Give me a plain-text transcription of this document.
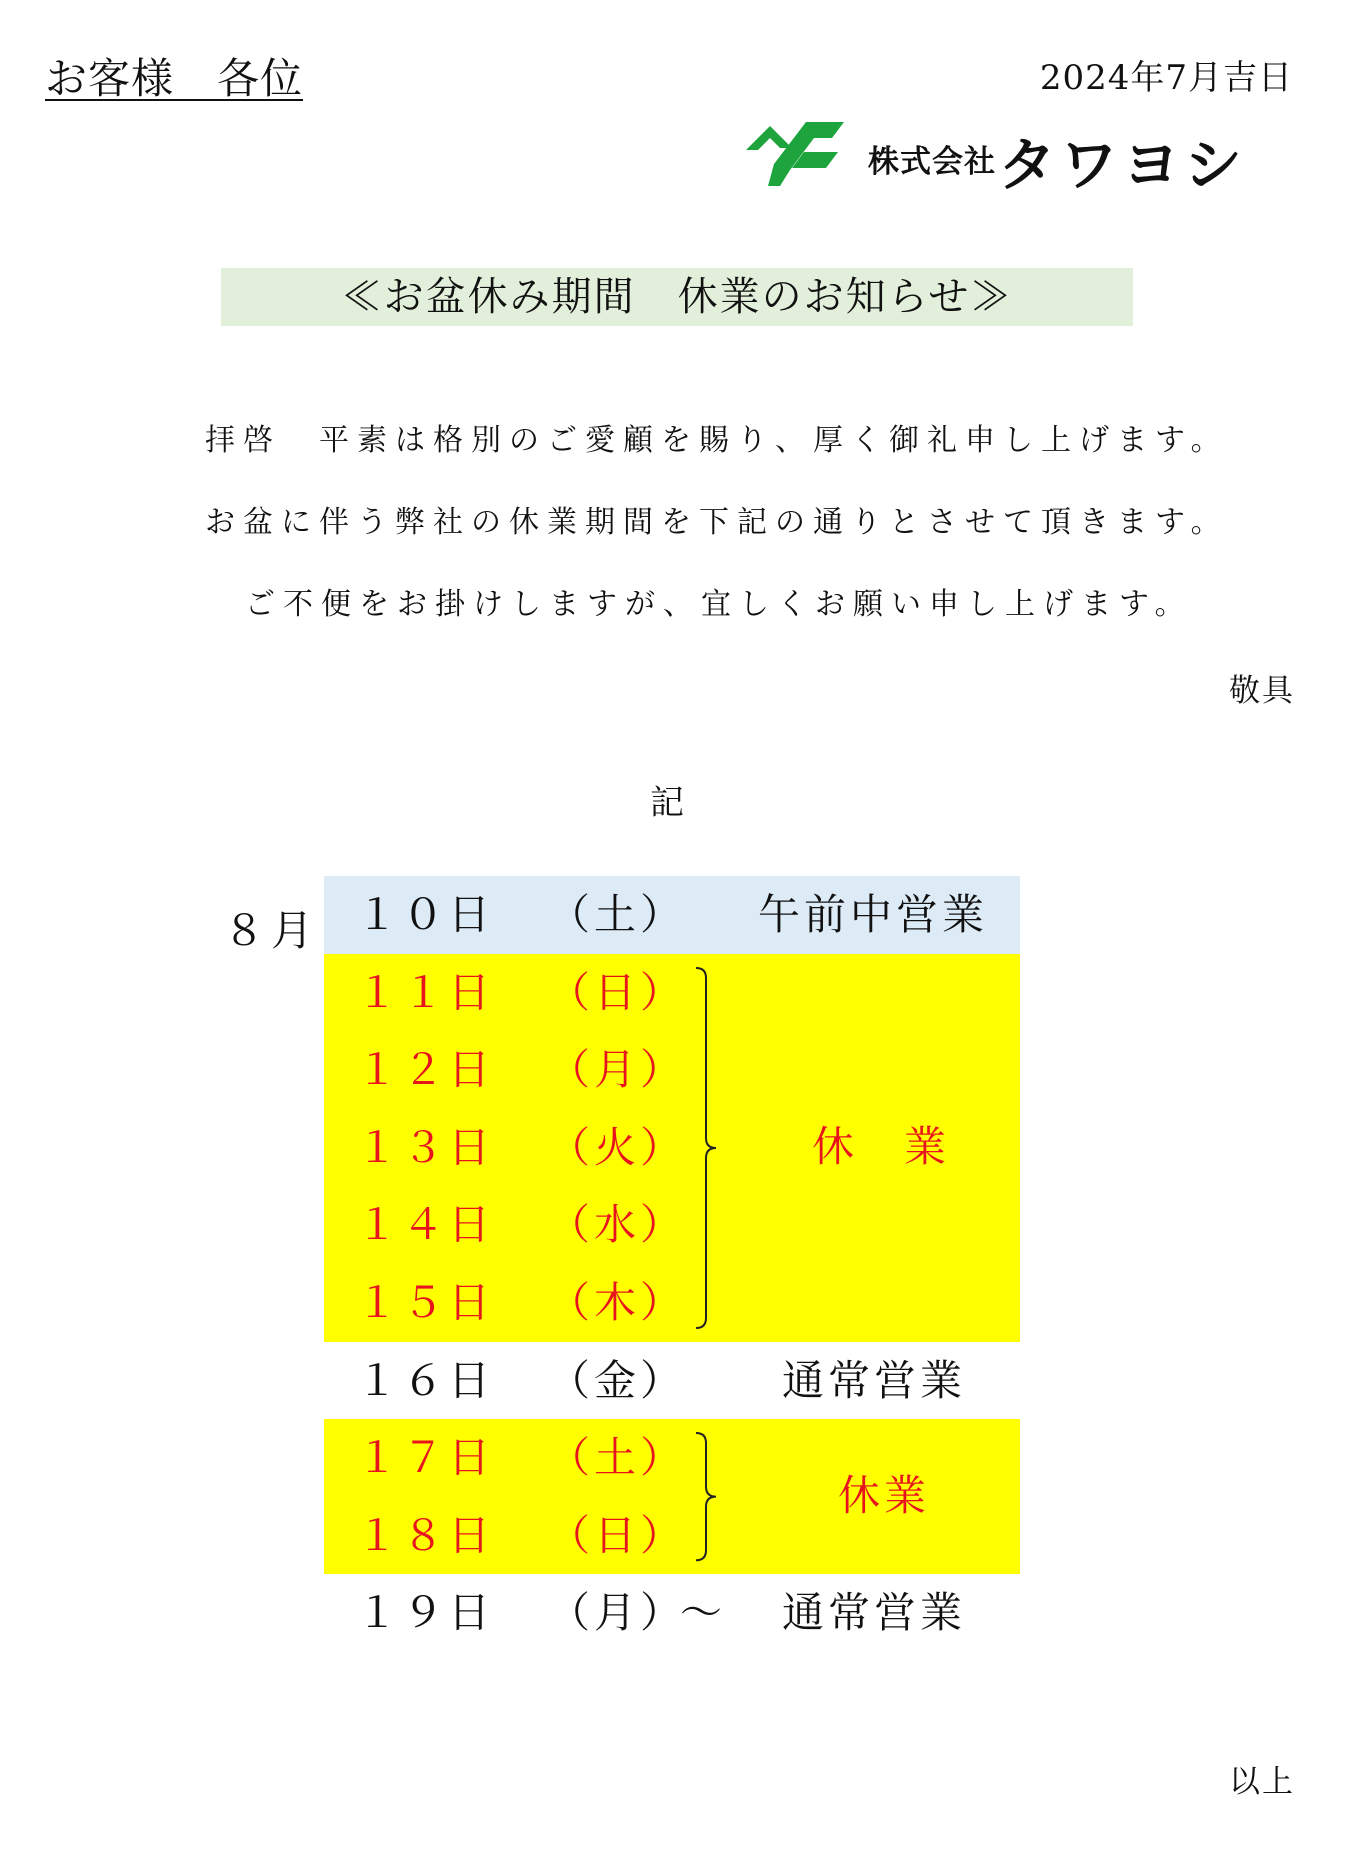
お客様　各位	2024年7月吉日
株式会社 タワヨシ
≪お盆休み期間　休業のお知らせ≫
拝啓　平素は格別のご愛顧を賜り、厚く御礼申し上げます。
お盆に伴う弊社の休業期間を下記の通りとさせて頂きます。
ご不便をお掛けしますが、宜しくお願い申し上げます。
敬具
記
８月 １０日 （土） 午前中営業
１１日 （日）
１２日 （月）
１３日 （火）
１４日 （水）
１５日 （木）
１６日 （金） 通常営業
１７日 （土）
１８日 （日）
１９日 （月）
～ 通常営業
休　業
休業
以上
